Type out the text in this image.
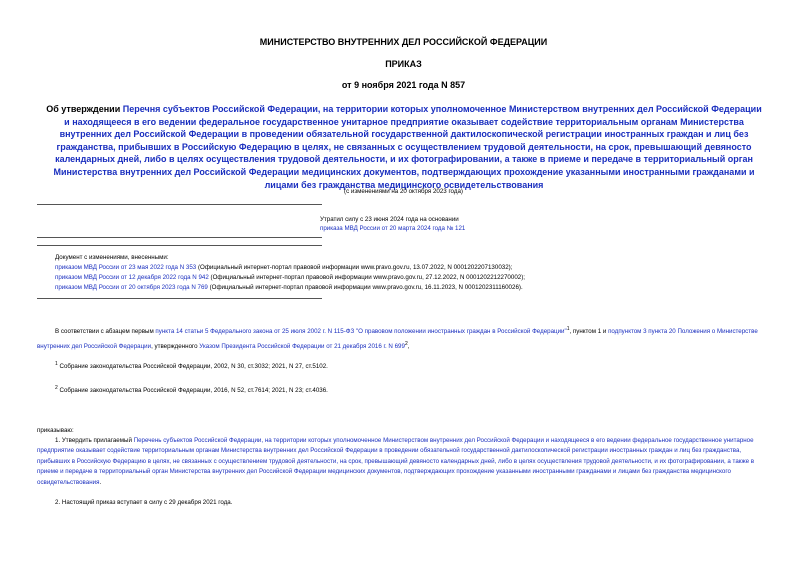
МИНИСТЕРСТВО ВНУТРЕННИХ ДЕЛ РОССИЙСКОЙ ФЕДЕРАЦИИ
ПРИКАЗ
от 9 ноября 2021 года N 857
Об утверждении Перечня субъектов Российской Федерации, на территории которых уполномоченное Министерством внутренних дел Российской Федерации и находящееся в его ведении федеральное государственное унитарное предприятие оказывает содействие территориальным органам Министерства внутренних дел Российской Федерации в проведении обязательной государственной дактилоскопической регистрации иностранных граждан и лиц без гражданства, прибывших в Российскую Федерацию в целях, не связанных с осуществлением трудовой деятельности, на срок, превышающий девяносто календарных дней, либо в целях осуществления трудовой деятельности, и их фотографировании, а также в приеме и передаче в территориальный орган Министерства внутренних дел Российской Федерации медицинских документов, подтверждающих прохождение указанными иностранными гражданами и лицами без гражданства медицинского освидетельствования
(с изменениями на 20 октября 2023 года)
Утратил силу с 23 июня 2024 года на основании
приказа МВД России от 20 марта 2024 года № 121
Документ с изменениями, внесенными:
приказом МВД России от 23 мая 2022 года N 353 (Официальный интернет-портал правовой информации www.pravo.gov.ru, 13.07.2022, N 0001202207130032);
приказом МВД России от 12 декабря 2022 года N 942 (Официальный интернет-портал правовой информации www.pravo.gov.ru, 27.12.2022, N 0001202212270002);
приказом МВД России от 20 октября 2023 года N 769 (Официальный интернет-портал правовой информации www.pravo.gov.ru, 16.11.2023, N 0001202311160026).
В соответствии с абзацем первым пункта 14 статьи 5 Федерального закона от 25 июля 2002 г. N 115-ФЗ "О правовом положении иностранных граждан в Российской Федерации"$^1$, пунктом 1 и подпунктом 3 пункта 20 Положения о Министерстве внутренних дел Российской Федерации, утвержденного Указом Президента Российской Федерации от 21 декабря 2016 г. N $699^2$,
$^1$ Собрание законодательства Российской Федерации, 2002, N 30, ст.3032; 2021, N 27, ст.5102.
$^2$ Собрание законодательства Российской Федерации, 2016, N 52, ст.7614; 2021, N 23; ст.4036.
приказываю:
1. Утвердить прилагаемый Перечень субъектов Российской Федерации, на территории которых уполномоченное Министерством внутренних дел Российской Федерации и находящееся в его ведении федеральное государственное унитарное предприятие оказывает содействие территориальным органам Министерства внутренних дел Российской Федерации в проведении обязательной государственной дактилоскопической регистрации иностранных граждан и лиц без гражданства, прибывших в Российскую Федерацию в целях, не связанных с осуществлением трудовой деятельности, на срок, превышающий девяносто календарных дней, либо в целях осуществления трудовой деятельности, и их фотографировании, а также в приеме и передаче в территориальный орган Министерства внутренних дел Российской Федерации медицинских документов, подтверждающих прохождение указанными иностранными гражданами и лицами без гражданства медицинского освидетельствования.
2. Настоящий приказ вступает в силу с 29 декабря 2021 года.
